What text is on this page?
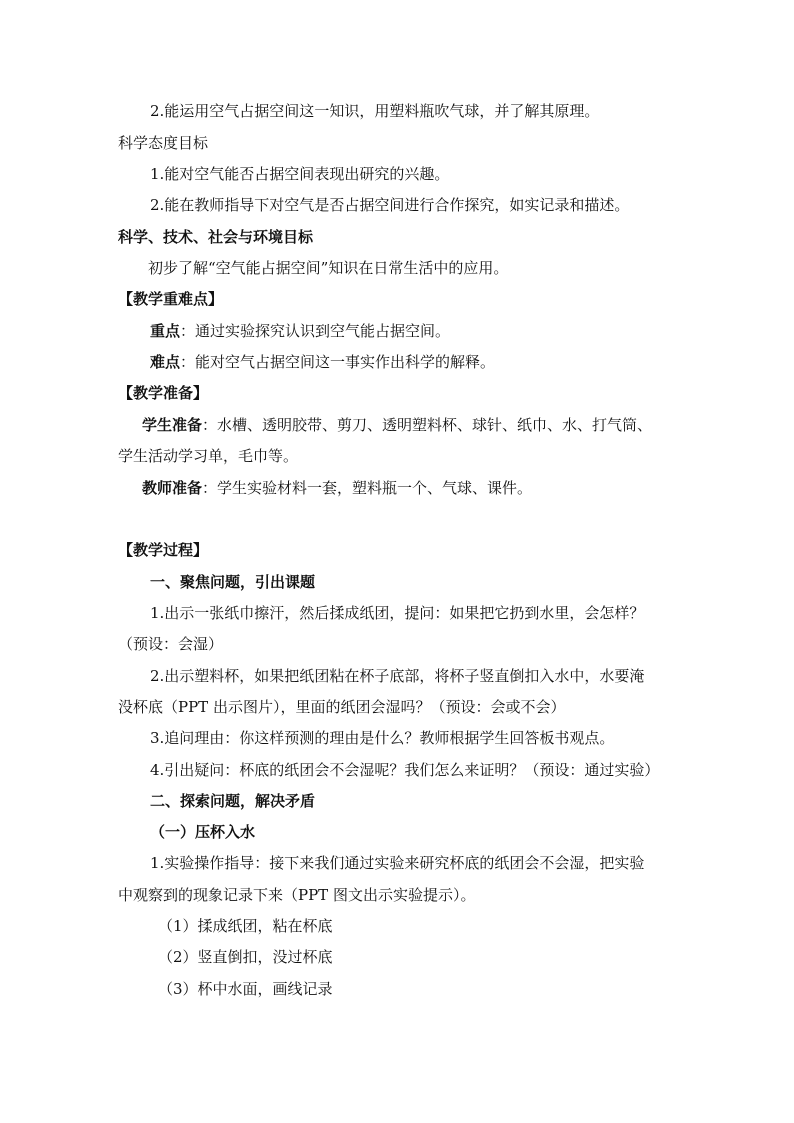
2.能运用空气占据空间这一知识，用塑料瓶吹气球，并了解其原理。
科学态度目标
1.能对空气能否占据空间表现出研究的兴趣。
2.能在教师指导下对空气是否占据空间进行合作探究，如实记录和描述。
科学、技术、社会与环境目标
初步了解“空气能占据空间”知识在日常生活中的应用。
【教学重难点】
重点：通过实验探究认识到空气能占据空间。
难点：能对空气占据空间这一事实作出科学的解释。
【教学准备】
学生准备：水槽、透明胶带、剪刀、透明塑料杯、球针、纸巾、水、打气筒、
学生活动学习单，毛巾等。
教师准备：学生实验材料一套，塑料瓶一个、气球、课件。
【教学过程】
一、聚焦问题，引出课题
1.出示一张纸巾擦汗，然后揉成纸团，提问：如果把它扔到水里，会怎样？
（预设：会湿）
2.出示塑料杯，如果把纸团粘在杯子底部，将杯子竖直倒扣入水中，水要淹
没杯底（PPT 出示图片），里面的纸团会湿吗？（预设：会或不会）
3.追问理由：你这样预测的理由是什么？教师根据学生回答板书观点。
4.引出疑问：杯底的纸团会不会湿呢？我们怎么来证明？（预设：通过实验）
二、探索问题，解决矛盾
（一）压杯入水
1.实验操作指导：接下来我们通过实验来研究杯底的纸团会不会湿，把实验
中观察到的现象记录下来（PPT 图文出示实验提示）。
（1）揉成纸团，粘在杯底
（2）竖直倒扣，没过杯底
（3）杯中水面，画线记录
